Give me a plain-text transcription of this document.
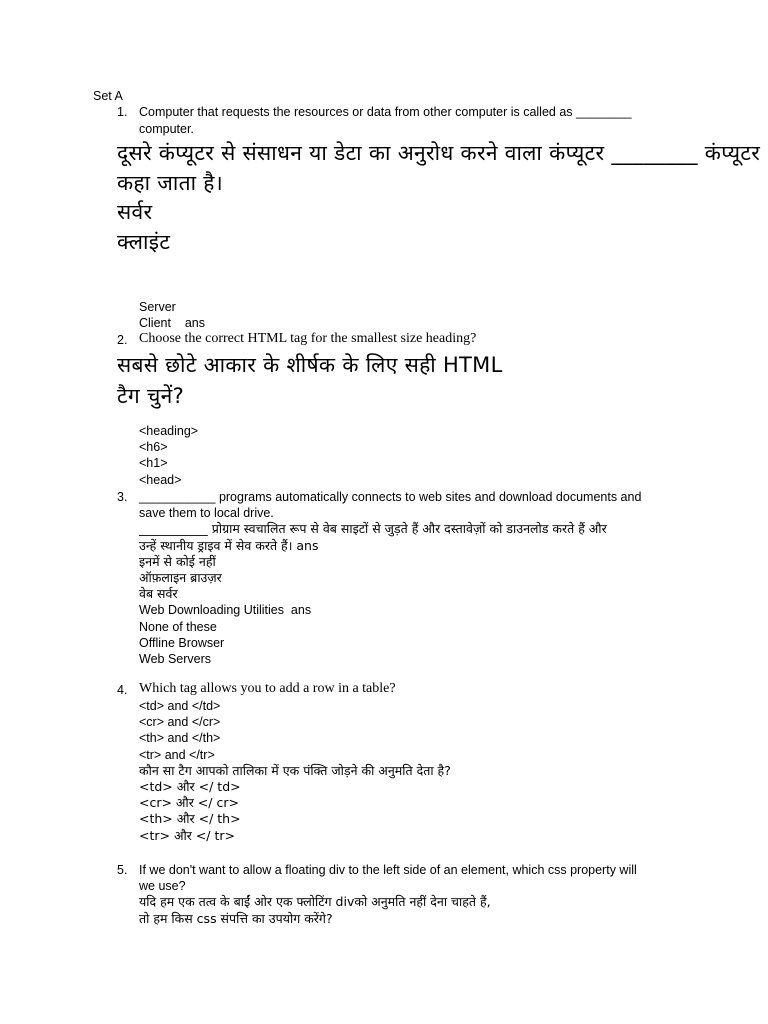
Set A
1. Computer that requests the resources or data from other computer is called as ________
computer.
दूसरे कंप्यूटर से संसाधन या डेटा का अनुरोध करने वाला कंप्यूटर ________ कंप्यूटर
कहा जाता है।
सर्वर
क्लाइंट
Server
Client    ans
2. Choose the correct HTML tag for the smallest size heading?
सबसे छोटे आकार के शीर्षक के लिए सही HTML
टैग चुनें?
<heading>
<h6>
<h1>
<head>
3. ___________ programs automatically connects to web sites and download documents and
save them to local drive.
___________ प्रोग्राम स्वचालित रूप से वेब साइटों से जुड़ते हैं और दस्तावेज़ों को डाउनलोड करते हैं और
उन्हें स्थानीय ड्राइव में सेव करते हैं। ans
इनमें से कोई नहीं
ऑफ़लाइन ब्राउज़र
वेब सर्वर
Web Downloading Utilities  ans
None of these
Offline Browser
Web Servers
4. Which tag allows you to add a row in a table?
<td> and </td>
<cr> and </cr>
<th> and </th>
<tr> and </tr>
कौन सा टैग आपको तालिका में एक पंक्ति जोड़ने की अनुमति देता है?
<td> और </ td>
<cr> और </ cr>
<th> और </ th>
<tr> और </ tr>
5. If we don't want to allow a floating div to the left side of an element, which css property will
we use?
यदि हम एक तत्व के बाईं ओर एक फ्लोटिंग divको अनुमति नहीं देना चाहते हैं,
तो हम किस css संपत्ति का उपयोग करेंगे?
